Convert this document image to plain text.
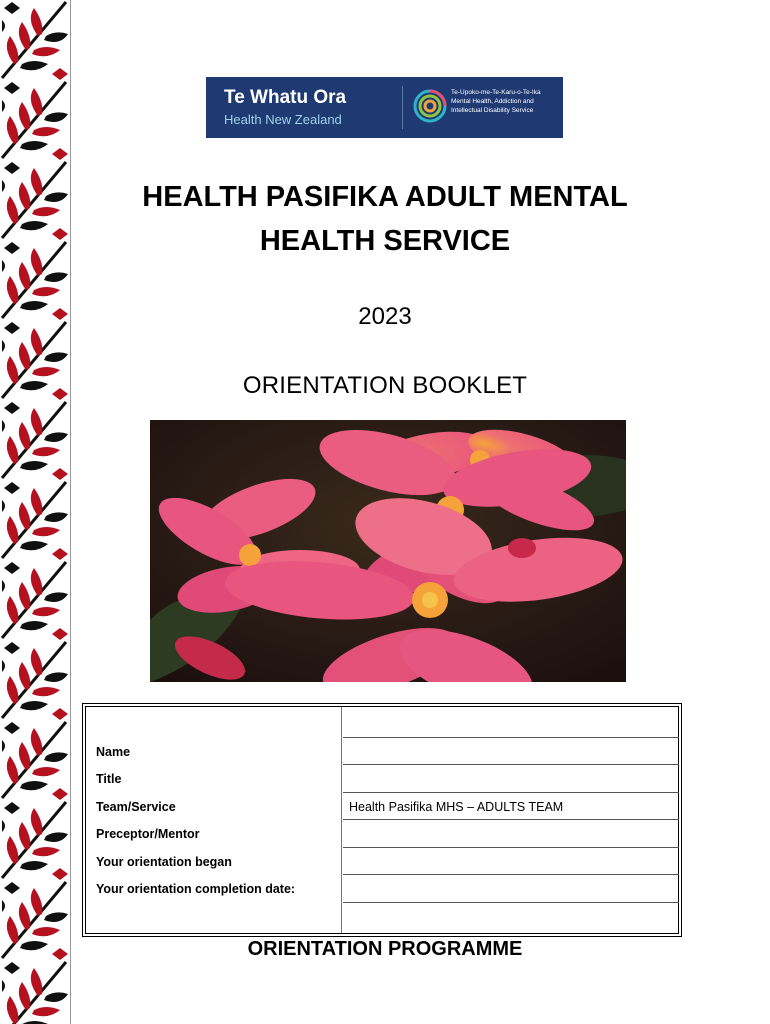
Te Whatu Ora
Health New Zealand
Te-Upoko-me-Te-Karu-o-Te-Ika
Mental Health, Addiction and
Intellectual Disability Service
HEALTH PASIFIKA ADULT MENTAL
HEALTH SERVICE
2023
ORIENTATION BOOKLET
Name
Title
Team/Service	Health Pasifika MHS – ADULTS TEAM
Preceptor/Mentor
Your orientation began
Your orientation completion date:
ORIENTATION PROGRAMME
